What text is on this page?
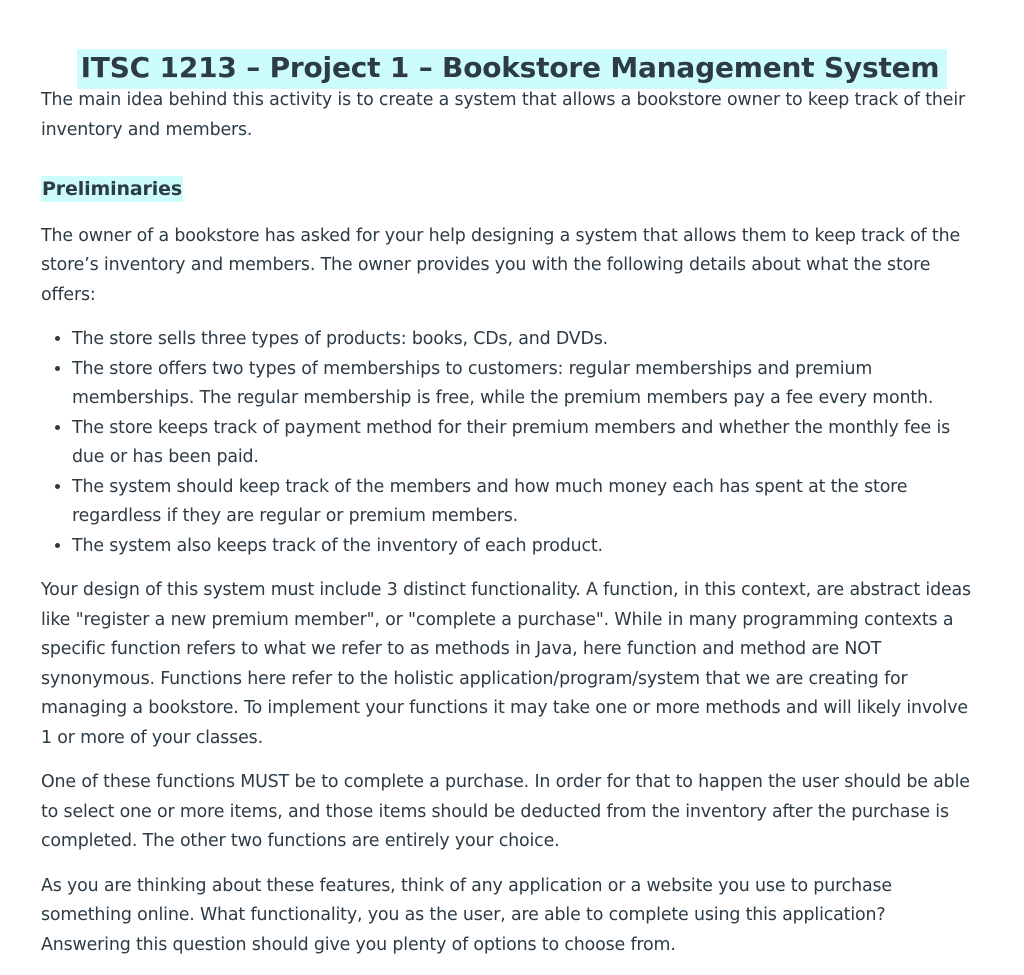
ITSC 1213 – Project 1 – Bookstore Management System

The main idea behind this activity is to create a system that allows a bookstore owner to keep track of their inventory and members.

Preliminaries

The owner of a bookstore has asked for your help designing a system that allows them to keep track of the store’s inventory and members. The owner provides you with the following details about what the store offers:

• The store sells three types of products: books, CDs, and DVDs.
• The store offers two types of memberships to customers: regular memberships and premium memberships. The regular membership is free, while the premium members pay a fee every month.
• The store keeps track of payment method for their premium members and whether the monthly fee is due or has been paid.
• The system should keep track of the members and how much money each has spent at the store regardless if they are regular or premium members.
• The system also keeps track of the inventory of each product.

Your design of this system must include 3 distinct functionality. A function, in this context, are abstract ideas like "register a new premium member", or "complete a purchase". While in many programming contexts a specific function refers to what we refer to as methods in Java, here function and method are NOT synonymous. Functions here refer to the holistic application/program/system that we are creating for managing a bookstore. To implement your functions it may take one or more methods and will likely involve 1 or more of your classes.

One of these functions MUST be to complete a purchase. In order for that to happen the user should be able to select one or more items, and those items should be deducted from the inventory after the purchase is completed. The other two functions are entirely your choice.

As you are thinking about these features, think of any application or a website you use to purchase something online. What functionality, you as the user, are able to complete using this application? Answering this question should give you plenty of options to choose from.
